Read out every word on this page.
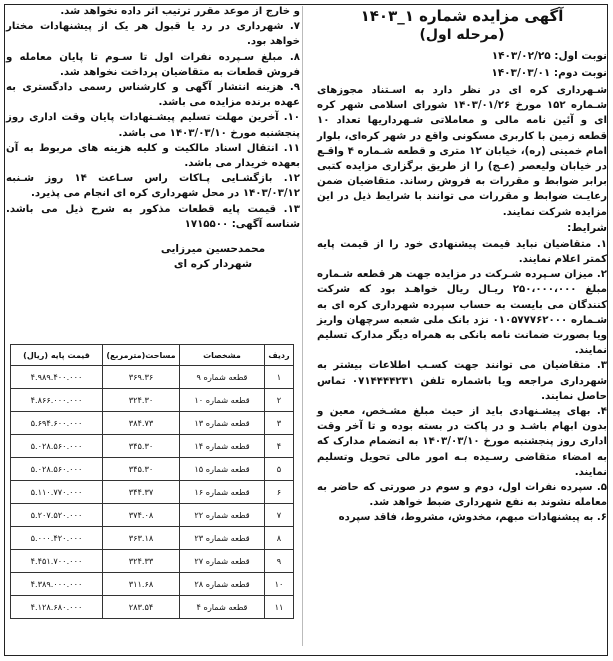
آگهی مزایده شماره ۱_۱۴۰۳
(مرحله اول)
نوبت اول: ۱۴۰۳/۰۲/۲۵
نوبت دوم: ۱۴۰۳/۰۳/۰۱

شـهرداری کره ای در نظر دارد به اسـتناد مجوزهای شـماره ۱۵۲ مورخ ۱۴۰۳/۰۱/۲۶ شورای اسلامی شهر کره ای و آئین نامه مالی و معاملاتی شـهرداریها تعداد ۱۰ قطعه زمین با کاربری مسکونی واقع در شهر کره‌ای، بلوار امام خمینی (ره)، خیابان ۱۲ متری و قطعه شـماره ۴ واقـع در خیابان ولیعصر (عـج) را از طریق برگزاری مزایده کتبی برابر ضوابط و مقررات به فروش رساند. متقاضیان ضمن رعایـت ضوابط و مقررات می توانند با شرایط ذیل در این مزایده شرکت نمایند.

شرایط:

۱. متقاضیان نباید قیمت پیشنهادی خود را از قیمت پایه کمتر اعلام نمایند.

۲. میزان سـپرده شـرکت در مزایده جهت هر قطعه شـماره مبلغ ۲۵۰،۰۰۰،۰۰۰ ریـال ریال خواهـد بود که شرکت کنندگان می بایست به حساب سپرده شهرداری کره ای به شـماره ۰۱۰۵۷۷۷۶۲۰۰۰ نزد بانک ملی شعبه سرچهان واریز ویا بصورت ضمانت نامه بانکی به همراه دیگر مدارک تسلیم نمایند.

۳. متقاضیان می توانند جهت کسـب اطلاعات بیشتر به شهرداری مراجعه ویا باشماره تلفن ۰۷۱۴۴۴۴۲۳۱ تماس حاصل نمایند.

۴. بهای پیشـنهادی باید از حیث مبلغ مشـخص، معین و بدون ابهام باشـد و در پاکت در بسته بوده و تا آخر وقت اداری روز پنجشنبه مورخ ۱۴۰۳/۰۳/۱۰ به انضمام مدارک که به امضاء متقاضی رسـیده بـه امور مالی تحویل وتسلیم نمایند.

۵. سپرده نفرات اول، دوم و سوم در صورتی که حاضر به معامله نشوند به نفع شهرداری ضبط خواهد شد.

۶. به پیشنهادات مبهم، مخدوش، مشروط، فاقد سپرده

و خارج از موعد مقرر ترتیب اثر داده نخواهد شد.

۷. شهرداری در رد یا قبول هر یک از پیشنهادات مختار خواهد بود.

۸. مبلغ سـپرده نفرات اول تا سـوم تا پایان معامله و فروش قطعات به متقاضیان پرداخت نخواهد شد.

۹. هزینه انتشار آگهی و کارشناس رسمی دادگستری به عهده برنده مزایده می باشد.

۱۰. آخرین مهلت تسلیم پیشـنهادات پایان وقت اداری روز پنجشنبه مورخ ۱۴۰۳/۰۳/۱۰ می باشد.

۱۱. انتقال اسناد مالکیت و کلیه هزینه های مربوط به آن بعهده خریدار می باشد.

۱۲. بازگشـایی پـاکات راس سـاعت ۱۴ روز شـنبه ۱۴۰۳/۰۳/۱۲ در محل شهرداری کره ای انجام می پذیرد.

۱۳. قیمت پایه قطعات مذکور به شرح ذیل می باشد. شناسه آگهی: ۱۷۱۵۵۰۰

محمدحسین میرزایی
شهردار کره ای
ردیف	مشخصات	مساحت(مترمربع)	قیمت پایه (ریال)
۱	قطعه شماره ۹	۳۶۹.۳۶	۴.۹۸۹.۴۰۰.۰۰۰
۲	قطعه شماره ۱۰	۳۲۴.۳۰	۴.۸۶۶.۰۰۰.۰۰۰
۳	قطعه شماره ۱۳	۳۸۴.۷۳	۵.۶۹۴.۶۰۰.۰۰۰
۴	قطعه شماره ۱۴	۳۴۵.۳۰	۵.۰۲۸.۵۶۰.۰۰۰
۵	قطعه شماره ۱۵	۳۴۵.۳۰	۵.۰۲۸.۵۶۰.۰۰۰
۶	قطعه شماره ۱۶	۳۴۴.۳۷	۵.۱۱۰.۷۷۰.۰۰۰
۷	قطعه شماره ۲۲	۳۷۴.۰۸	۵.۲۰۷.۵۲۰.۰۰۰
۸	قطعه شماره ۲۳	۳۶۳.۱۸	۵.۰۰۰.۴۲۰.۰۰۰
۹	قطعه شماره ۲۷	۳۲۴.۳۳	۴.۴۵۱.۷۰۰.۰۰۰
۱۰	قطعه شماره ۲۸	۳۱۱.۶۸	۴.۳۸۹.۰۰۰.۰۰۰
۱۱	قطعه شماره ۴	۲۸۳.۵۴	۴.۱۲۸.۶۸۰.۰۰۰
